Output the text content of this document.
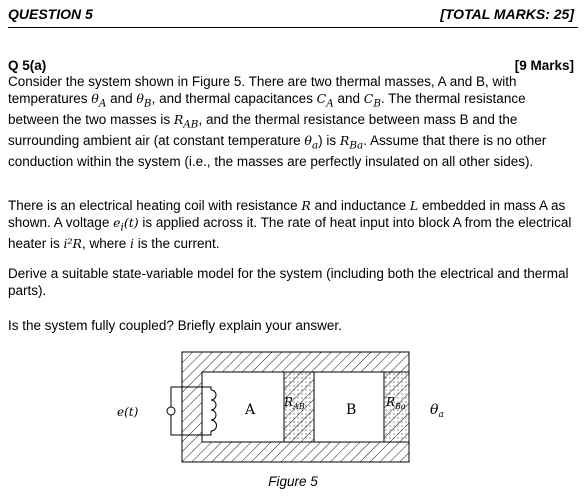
QUESTION 5	[TOTAL MARKS: 25]
Q 5(a)	[9 Marks]
Consider the system shown in Figure 5. There are two thermal masses, A and B, with temperatures $\theta_A$ and $\theta_B$, and thermal capacitances $C_A$ and $C_B$. The thermal resistance between the two masses is $R_{AB}$, and the thermal resistance between mass B and the surrounding ambient air (at constant temperature $\theta_a$) is $R_{Ba}$. Assume that there is no other conduction within the system (i.e., the masses are perfectly insulated on all other sides).
There is an electrical heating coil with resistance R and inductance L embedded in mass A as shown. A voltage $e_i(t)$ is applied across it. The rate of heat input into block A from the electrical heater is i²R, where i is the current.
Derive a suitable state-variable model for the system (including both the electrical and thermal parts).
Is the system fully coupled? Briefly explain your answer.
e(t)	A $R_{AB}$	B $R_{Ba}$ $\theta_a$
Figure 5
